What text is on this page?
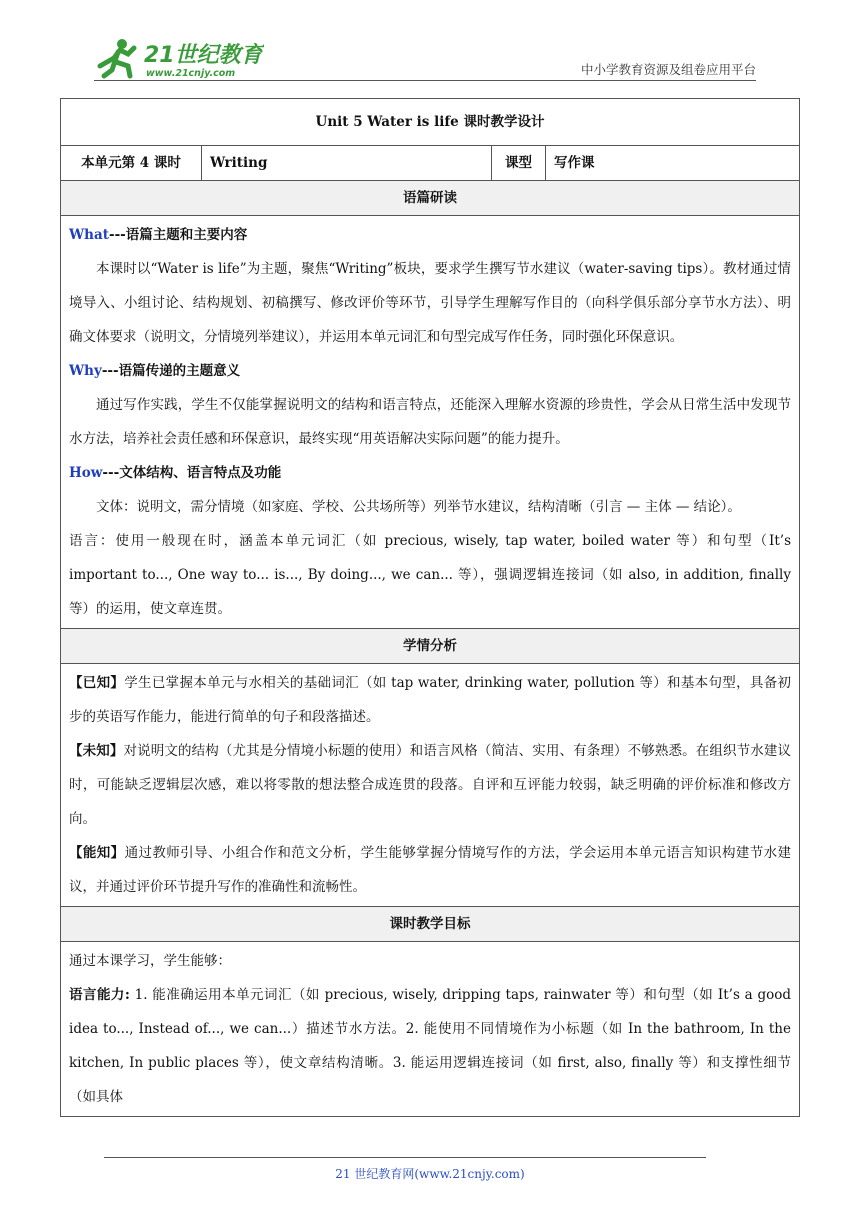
21世纪教育
www.21cnjy.com	中小学教育资源及组卷应用平台
Unit 5 Water is life 课时教学设计
本单元第 4 课时	Writing	课型	写作课
语篇研读

What---语篇主题和主要内容

本课时以“Water is life”为主题，聚焦“Writing”板块，要求学生撰写节水建议（water-saving tips）。教材通过情境导入、小组讨论、结构规划、初稿撰写、修改评价等环节，引导学生理解写作目的（向科学俱乐部分享节水方法）、明确文体要求（说明文，分情境列举建议），并运用本单元词汇和句型完成写作任务，同时强化环保意识。

Why---语篇传递的主题意义

通过写作实践，学生不仅能掌握说明文的结构和语言特点，还能深入理解水资源的珍贵性，学会从日常生活中发现节水方法，培养社会责任感和环保意识，最终实现“用英语解决实际问题”的能力提升。

How---文体结构、语言特点及功能

文体：说明文，需分情境（如家庭、学校、公共场所等）列举节水建议，结构清晰（引言 — 主体 — 结论）。

语言：使用一般现在时，涵盖本单元词汇（如 precious, wisely, tap water, boiled water 等）和句型（It’s important to..., One way to... is..., By doing..., we can... 等），强调逻辑连接词（如 also, in addition, finally 等）的运用，使文章连贯。

学情分析

【已知】学生已掌握本单元与水相关的基础词汇（如 tap water, drinking water, pollution 等）和基本句型，具备初步的英语写作能力，能进行简单的句子和段落描述。

【未知】对说明文的结构（尤其是分情境小标题的使用）和语言风格（简洁、实用、有条理）不够熟悉。在组织节水建议时，可能缺乏逻辑层次感，难以将零散的想法整合成连贯的段落。自评和互评能力较弱，缺乏明确的评价标准和修改方向。

【能知】通过教师引导、小组合作和范文分析，学生能够掌握分情境写作的方法，学会运用本单元语言知识构建节水建议，并通过评价环节提升写作的准确性和流畅性。

课时教学目标

通过本课学习，学生能够：

语言能力: 1. 能准确运用本单元词汇（如 precious, wisely, dripping taps, rainwater 等）和句型（如 It’s a good idea to..., Instead of..., we can...）描述节水方法。2. 能使用不同情境作为小标题（如 In the bathroom, In the kitchen, In public places 等），使文章结构清晰。3. 能运用逻辑连接词（如 first, also, finally 等）和支撑性细节（如具体

21 世纪教育网(www.21cnjy.com)
